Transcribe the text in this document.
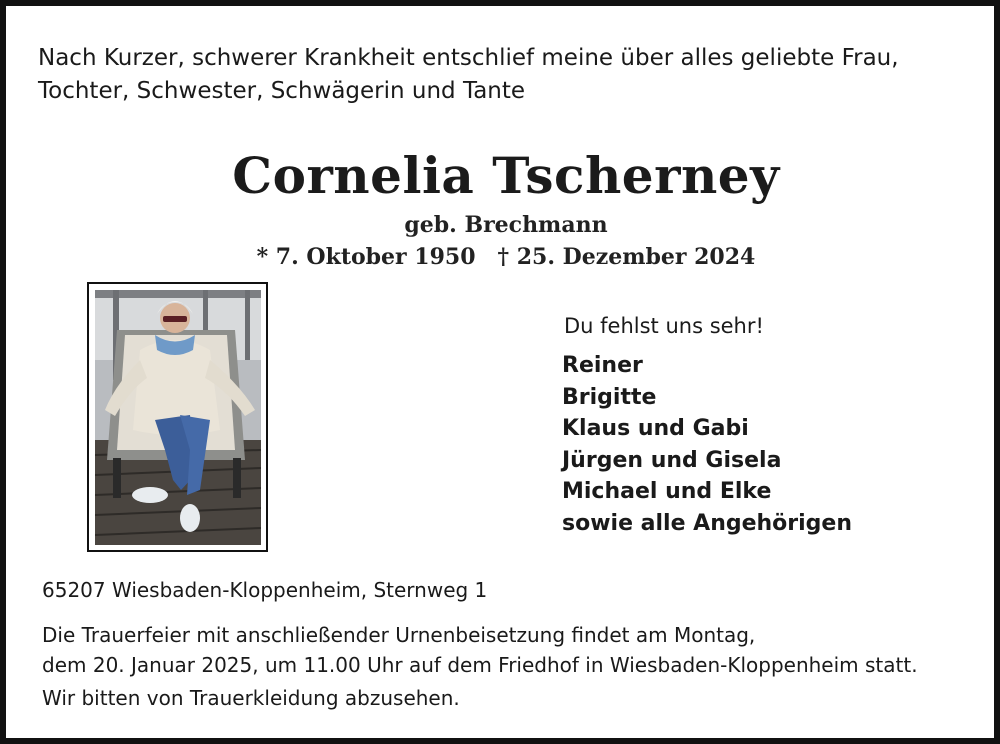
Nach Kurzer, schwerer Krankheit entschlief meine über alles geliebte Frau,
Tochter, Schwester, Schwägerin und Tante
Cornelia Tscherney
geb. Brechmann
* 7. Oktober 1950 † 25. Dezember 2024
Du fehlst uns sehr!
Reiner
Brigitte
Klaus und Gabi
Jürgen und Gisela
Michael und Elke
sowie alle Angehörigen
65207 Wiesbaden-Kloppenheim, Sternweg 1
Die Trauerfeier mit anschließender Urnenbeisetzung findet am Montag,
dem 20. Januar 2025, um 11.00 Uhr auf dem Friedhof in Wiesbaden-Kloppenheim statt.
Wir bitten von Trauerkleidung abzusehen.
